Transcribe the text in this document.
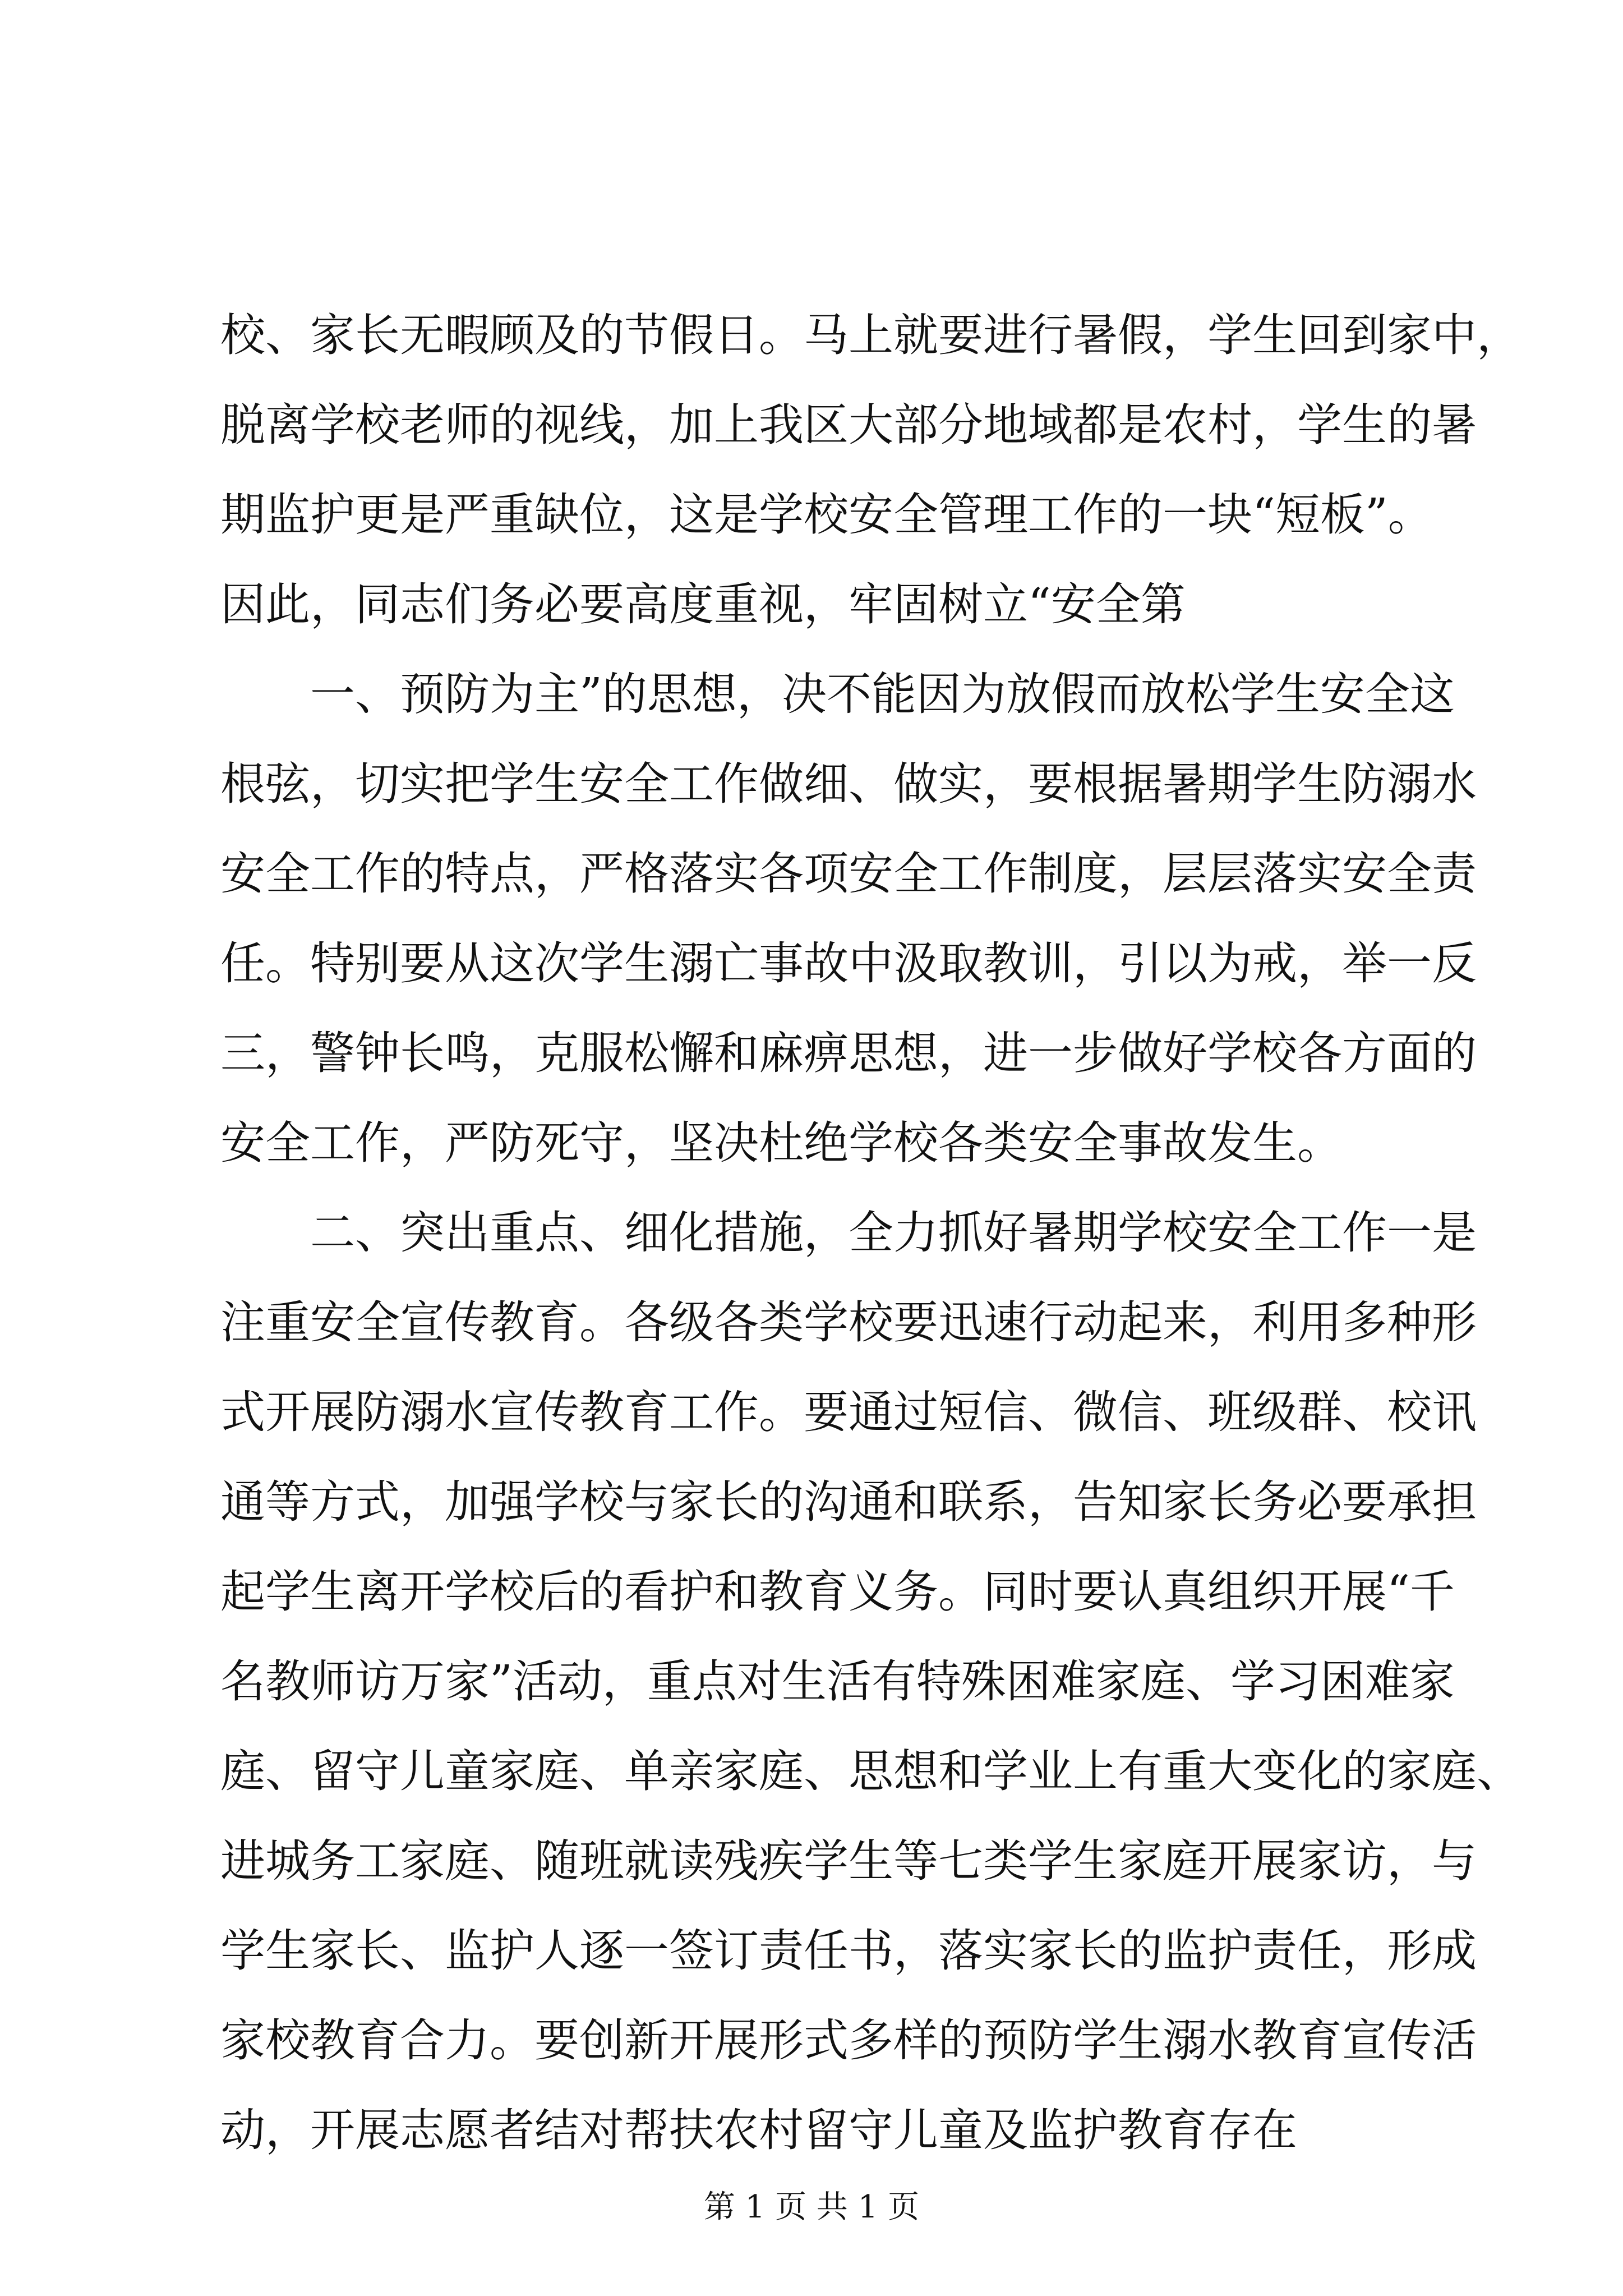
校、家长无暇顾及的节假日。马上就要进行暑假，学生回到家中，

脱离学校老师的视线，加上我区大部分地域都是农村，学生的暑

期监护更是严重缺位，这是学校安全管理工作的一块“短板”。

因此，同志们务必要高度重视，牢固树立“安全第

一、预防为主”的思想，决不能因为放假而放松学生安全这

根弦，切实把学生安全工作做细、做实，要根据暑期学生防溺水

安全工作的特点，严格落实各项安全工作制度，层层落实安全责

任。特别要从这次学生溺亡事故中汲取教训，引以为戒，举一反

三，警钟长鸣，克服松懈和麻痹思想，进一步做好学校各方面的

安全工作，严防死守，坚决杜绝学校各类安全事故发生。

二、突出重点、细化措施，全力抓好暑期学校安全工作一是

注重安全宣传教育。各级各类学校要迅速行动起来，利用多种形

式开展防溺水宣传教育工作。要通过短信、微信、班级群、校讯

通等方式，加强学校与家长的沟通和联系，告知家长务必要承担

起学生离开学校后的看护和教育义务。同时要认真组织开展“千

名教师访万家”活动，重点对生活有特殊困难家庭、学习困难家

庭、留守儿童家庭、单亲家庭、思想和学业上有重大变化的家庭、

进城务工家庭、随班就读残疾学生等七类学生家庭开展家访，与

学生家长、监护人逐一签订责任书，落实家长的监护责任，形成

家校教育合力。要创新开展形式多样的预防学生溺水教育宣传活

动，开展志愿者结对帮扶农村留守儿童及监护教育存在

第 1 页 共 1 页
